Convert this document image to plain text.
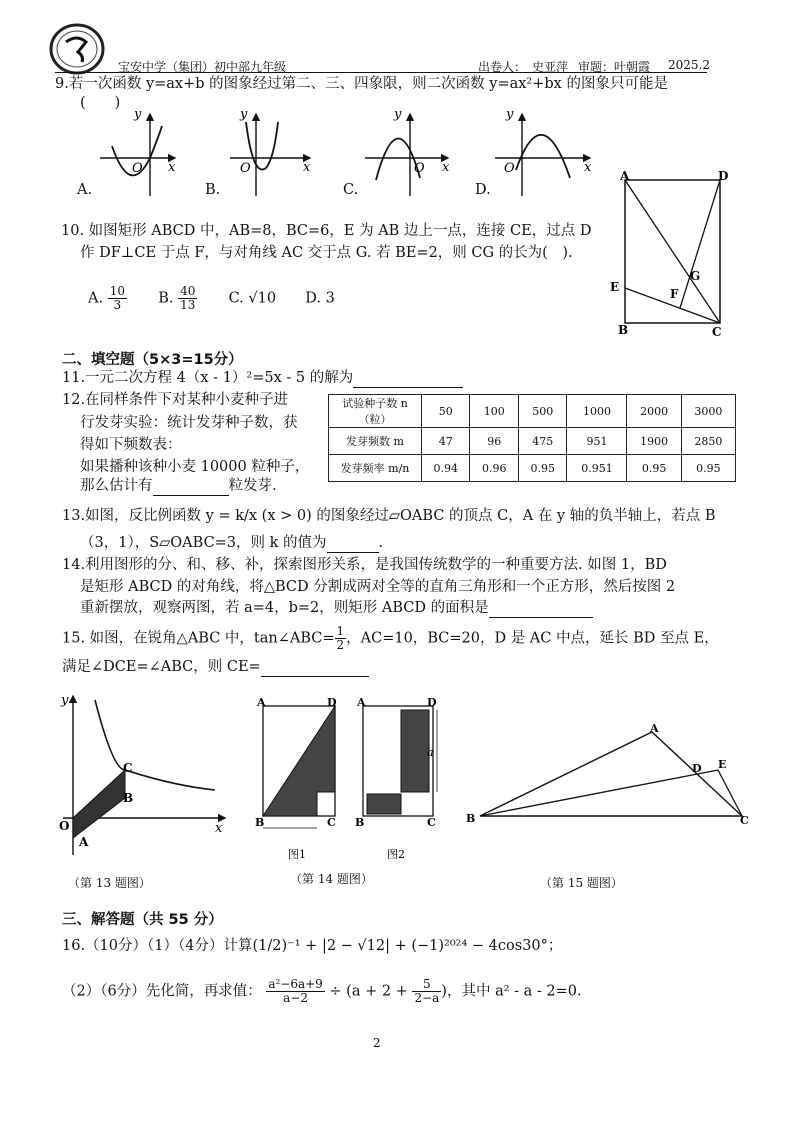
宝安中学（集团）初中部九年级	出卷人：　史亚萍 审题：叶朝霞 2025.2
9.若一次函数 y=ax+b 的图象经过第二、三、四象限，则二次函数 y=ax²+bx 的图象只可能是
(　　)
y
x
O
y
x
O
y
x
O
y
x
O
A.	B.	C.	D.
A	D
B	C
E	F
G
10. 如图矩形 ABCD 中，AB=8，BC=6，E 为 AB 边上一点，连接 CE，过点 D
作 DF⊥CE 于点 F，与对角线 AC 交于点 G. 若 BE=2，则 CG 的长为(　).
A. $\frac{10}{3} B$. $\frac{40}{13} C$. √10 D. 3
二、填空题（5×3=15分）
11.一元二次方程 4（x - 1）²=5x - 5 的解为
12.在同样条件下对某种小麦种子进
行发芽实验：统计发芽种子数，获
得如下频数表：
如果播种该种小麦 10000 粒种子，
那么估计有	粒发芽.
试验种子数 n（粒）	50	100	500	1000	2000	3000
发芽频数 m	47	96	475	951	1900	2850
发芽频率 m/n	0.94	0.96	0.95	0.951	0.95	0.95
13.如图，反比例函数 y = k/x (x > 0) 的图象经过▱OABC 的顶点 C，A 在 y 轴的负半轴上，若点 B
（3，1），S▱OABC=3，则 k 的值为	.
14.利用图形的分、和、移、补，探索图形关系，是我国传统数学的一种重要方法. 如图 1，BD
是矩形 ABCD 的对角线，将△BCD 分割成两对全等的直角三角形和一个正方形，然后按图 2
重新摆放，观察两图，若 a=4，b=2，则矩形 ABCD 的面积是
15. 如图，在锐角△ABC 中，tan∠ABC= $\frac{1}{2}$ ，AC=10，BC=20，D 是 AC 中点，延长 BD 至点 E，
满足∠DCE=∠ABC，则 CE=
y
x
O
A
B
C
（第 13 题图）
A	D
B	C
图1
a
A	D
B	C
图2
（第 14 题图）
A
B	C
D E
（第 15 题图）
三、解答题（共 55 分）
16.（10分）（1）（4分）计算(1/2)⁻¹ + |2 − √12| + (−1)²⁰²⁴ − 4cos30°；
（2）（6分）先化简，再求值： $\frac{\text{a²−6a+9}}{a-2} \div (a + 2 + \frac{5}{2-a}$ )，其中 a² - a - 2=0.
2
